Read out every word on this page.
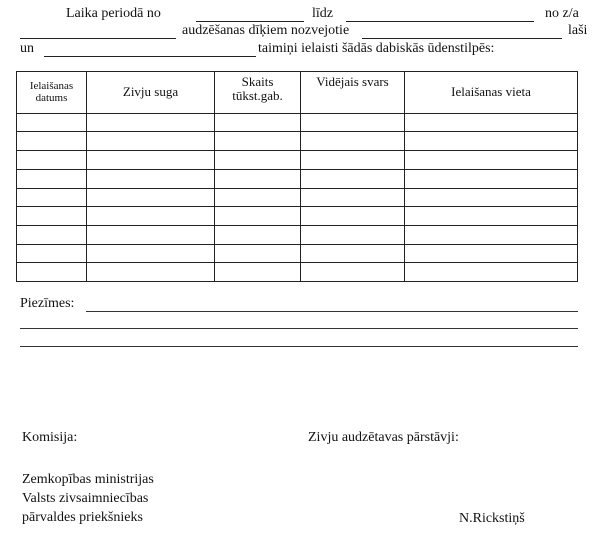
Laika periodā no	līdz	no z/a
audzēšanas dīķiem nozvejotie	laši
un	taimiņi ielaisti šādās dabiskās ūdenstilpēs:
Ielaišanas datums	Zivju suga	Skaits tūkst.gab.	Vidējais svars	Ielaišanas vieta

Piezīmes:
Komisija:	Zivju audzētavas pārstāvji:
Zemkopības ministrijas
Valsts zivsaimniecības
pārvaldes priekšnieks	N.Rickstiņš
